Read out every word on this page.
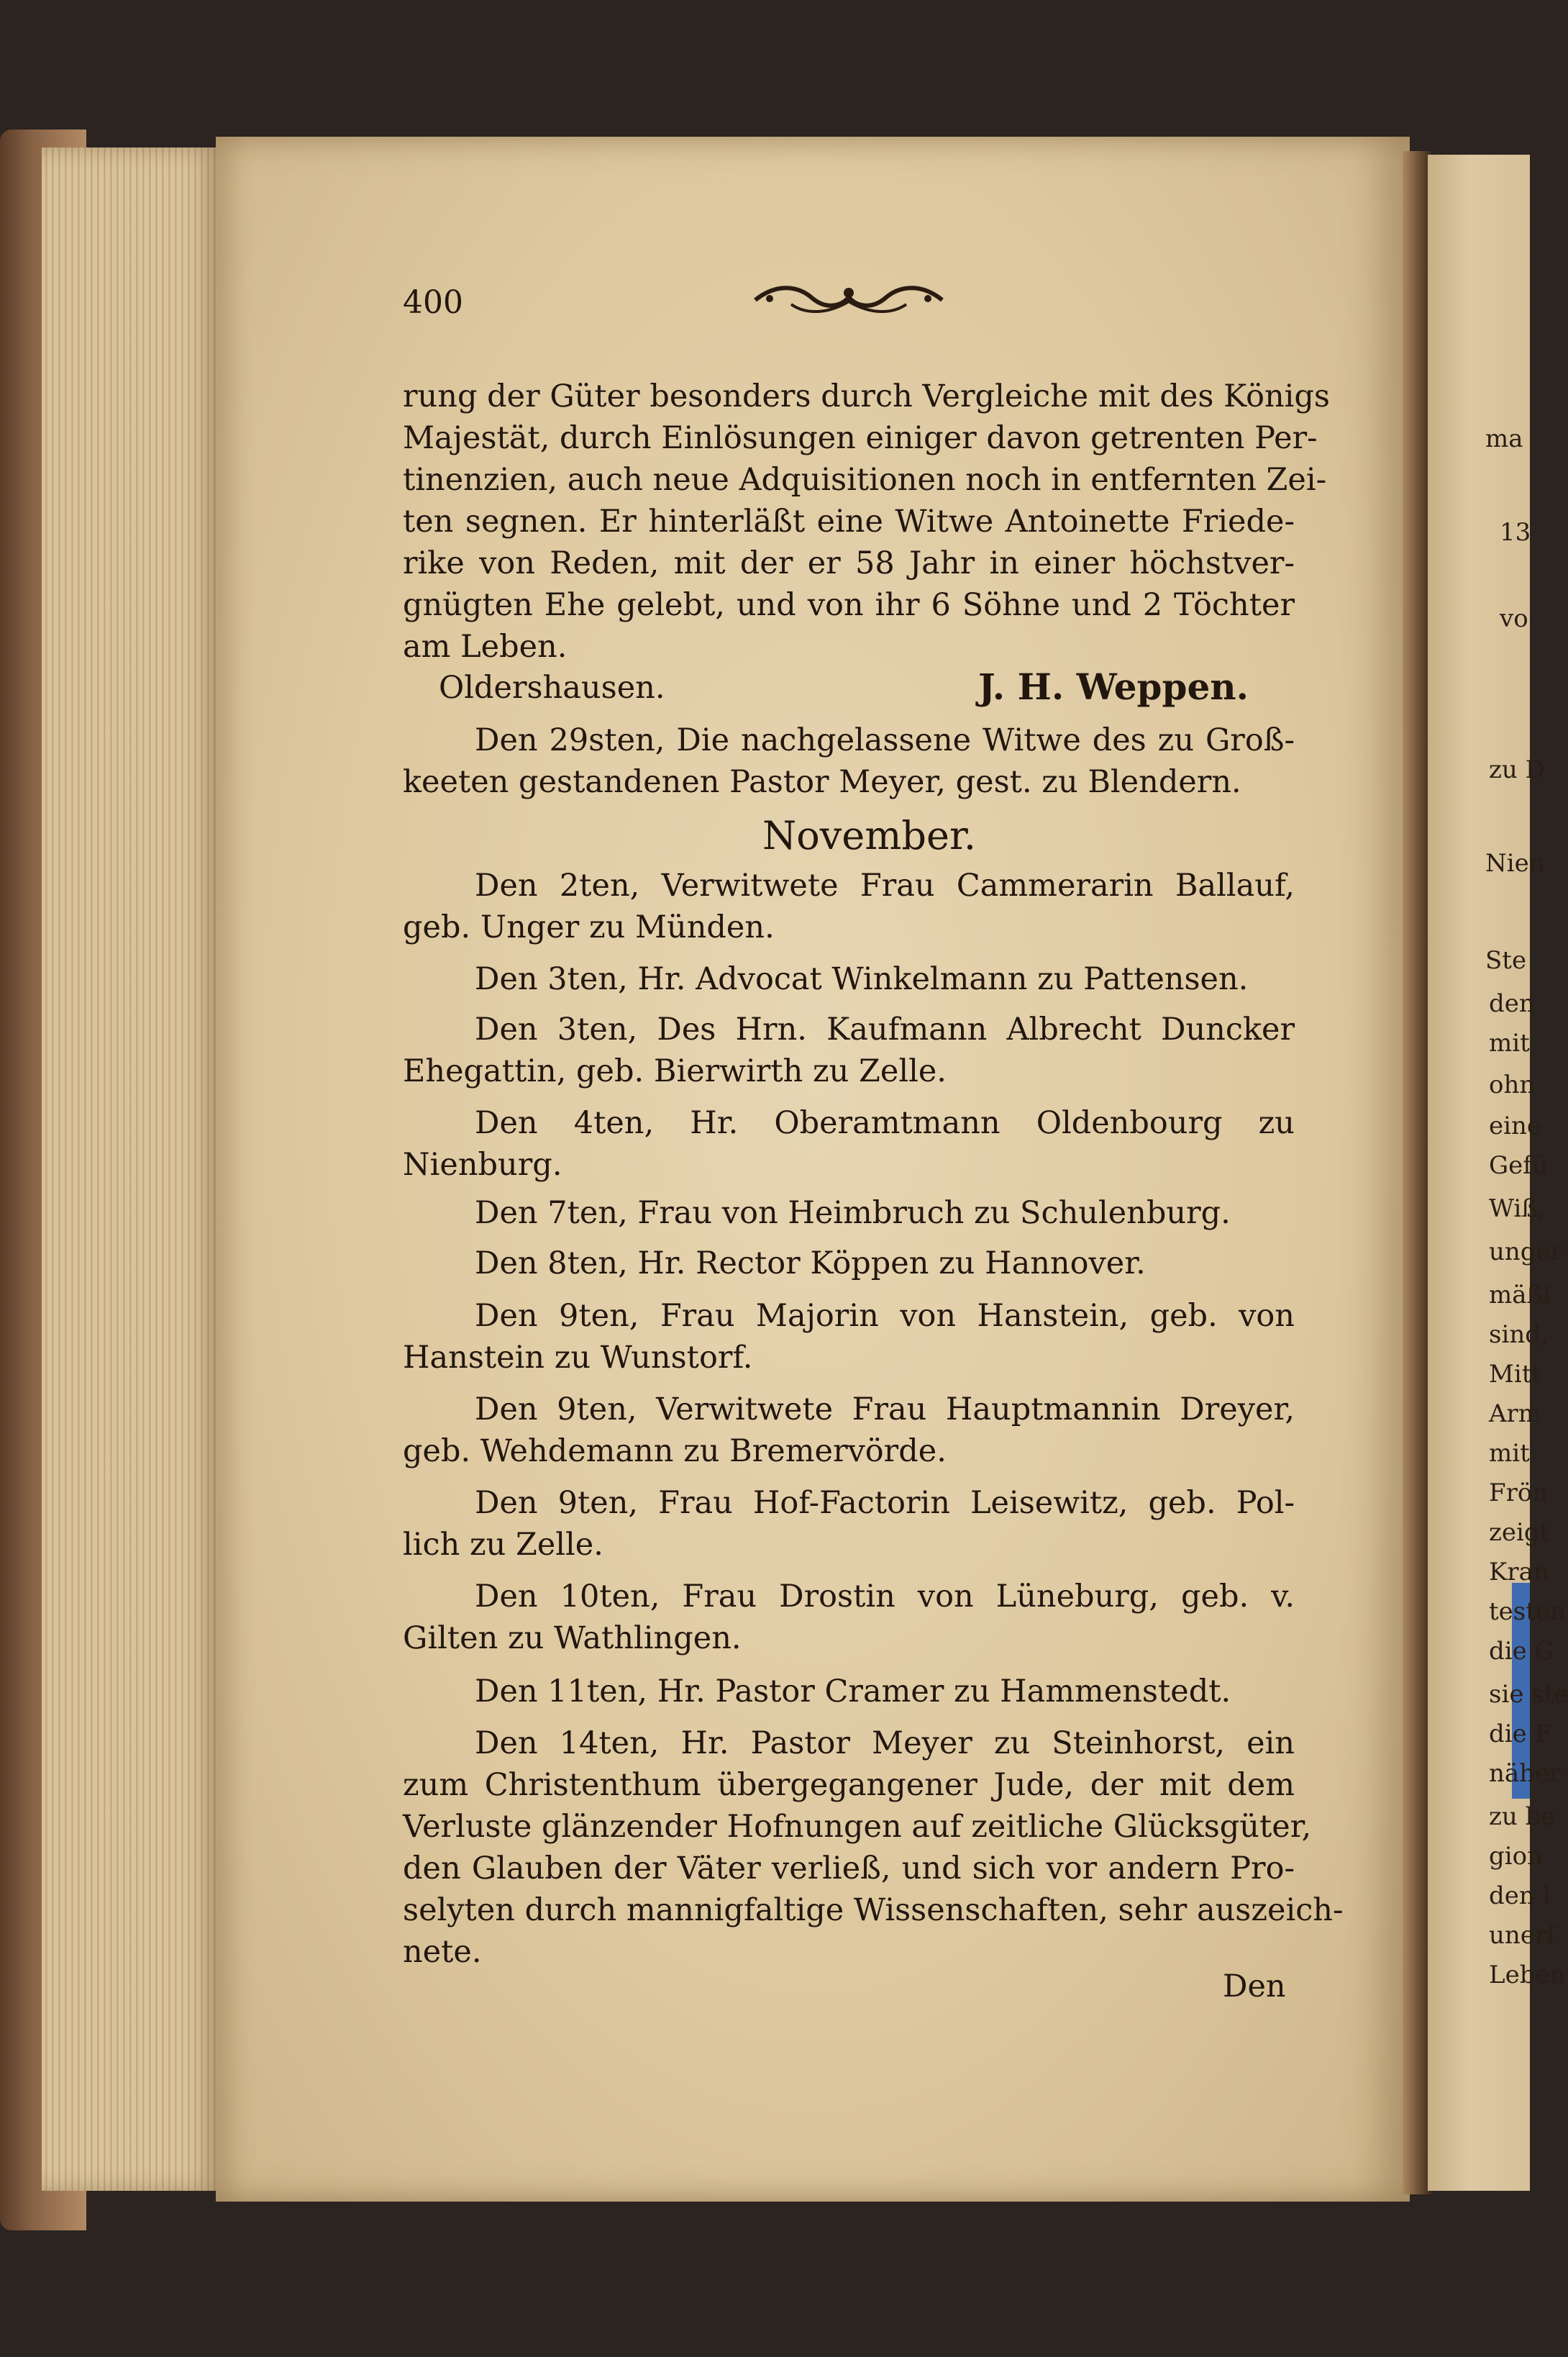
400
rung der Güter besonders durch Vergleiche mit des Königs
Majestät, durch Einlösungen einiger davon getrenten Per-
tinenzien, auch neue Adquisitionen noch in entfernten Zei-
ten segnen. Er hinterläßt eine Witwe Antoinette Friede-
rike von Reden, mit der er 58 Jahr in einer höchstver-
gnügten Ehe gelebt, und von ihr 6 Söhne und 2 Töchter
am Leben.
Oldershausen.	J. H. Weppen.
Den 29sten, Die nachgelassene Witwe des zu Groß-
keeten gestandenen Pastor Meyer, gest. zu Blendern.
November.
Den 2ten, Verwitwete Frau Cammerarin Ballauf,
geb. Unger zu Münden.
Den 3ten, Hr. Advocat Winkelmann zu Pattensen.
Den 3ten, Des Hrn. Kaufmann Albrecht Duncker
Ehegattin, geb. Bierwirth zu Zelle.
Den 4ten, Hr. Oberamtmann Oldenbourg zu
Nienburg.
Den 7ten, Frau von Heimbruch zu Schulenburg.
Den 8ten, Hr. Rector Köppen zu Hannover.
Den 9ten, Frau Majorin von Hanstein, geb. von
Hanstein zu Wunstorf.
Den 9ten, Verwitwete Frau Hauptmannin Dreyer,
geb. Wehdemann zu Bremervörde.
Den 9ten, Frau Hof-Factorin Leisewitz, geb. Pol-
lich zu Zelle.
Den 10ten, Frau Drostin von Lüneburg, geb. v.
Gilten zu Wathlingen.
Den 11ten, Hr. Pastor Cramer zu Hammenstedt.
Den 14ten, Hr. Pastor Meyer zu Steinhorst, ein
zum Christenthum übergegangener Jude, der mit dem
Verluste glänzender Hofnungen auf zeitliche Glücksgüter,
den Glauben der Väter verließ, und sich vor andern Pro-
selyten durch mannigfaltige Wissenschaften, sehr auszeich-
nete.
Den
ma
13
vo
zu D
Nien
Ste
den
mit
ohn
eine
Gefü
Wiß,
unger
mäßi
sind,
Mitt
Arm
mit
Frön
zeigt
Kran
testen
die G
sie ste
die F
näher
zu be
gion
den l
unerſ
Leben
